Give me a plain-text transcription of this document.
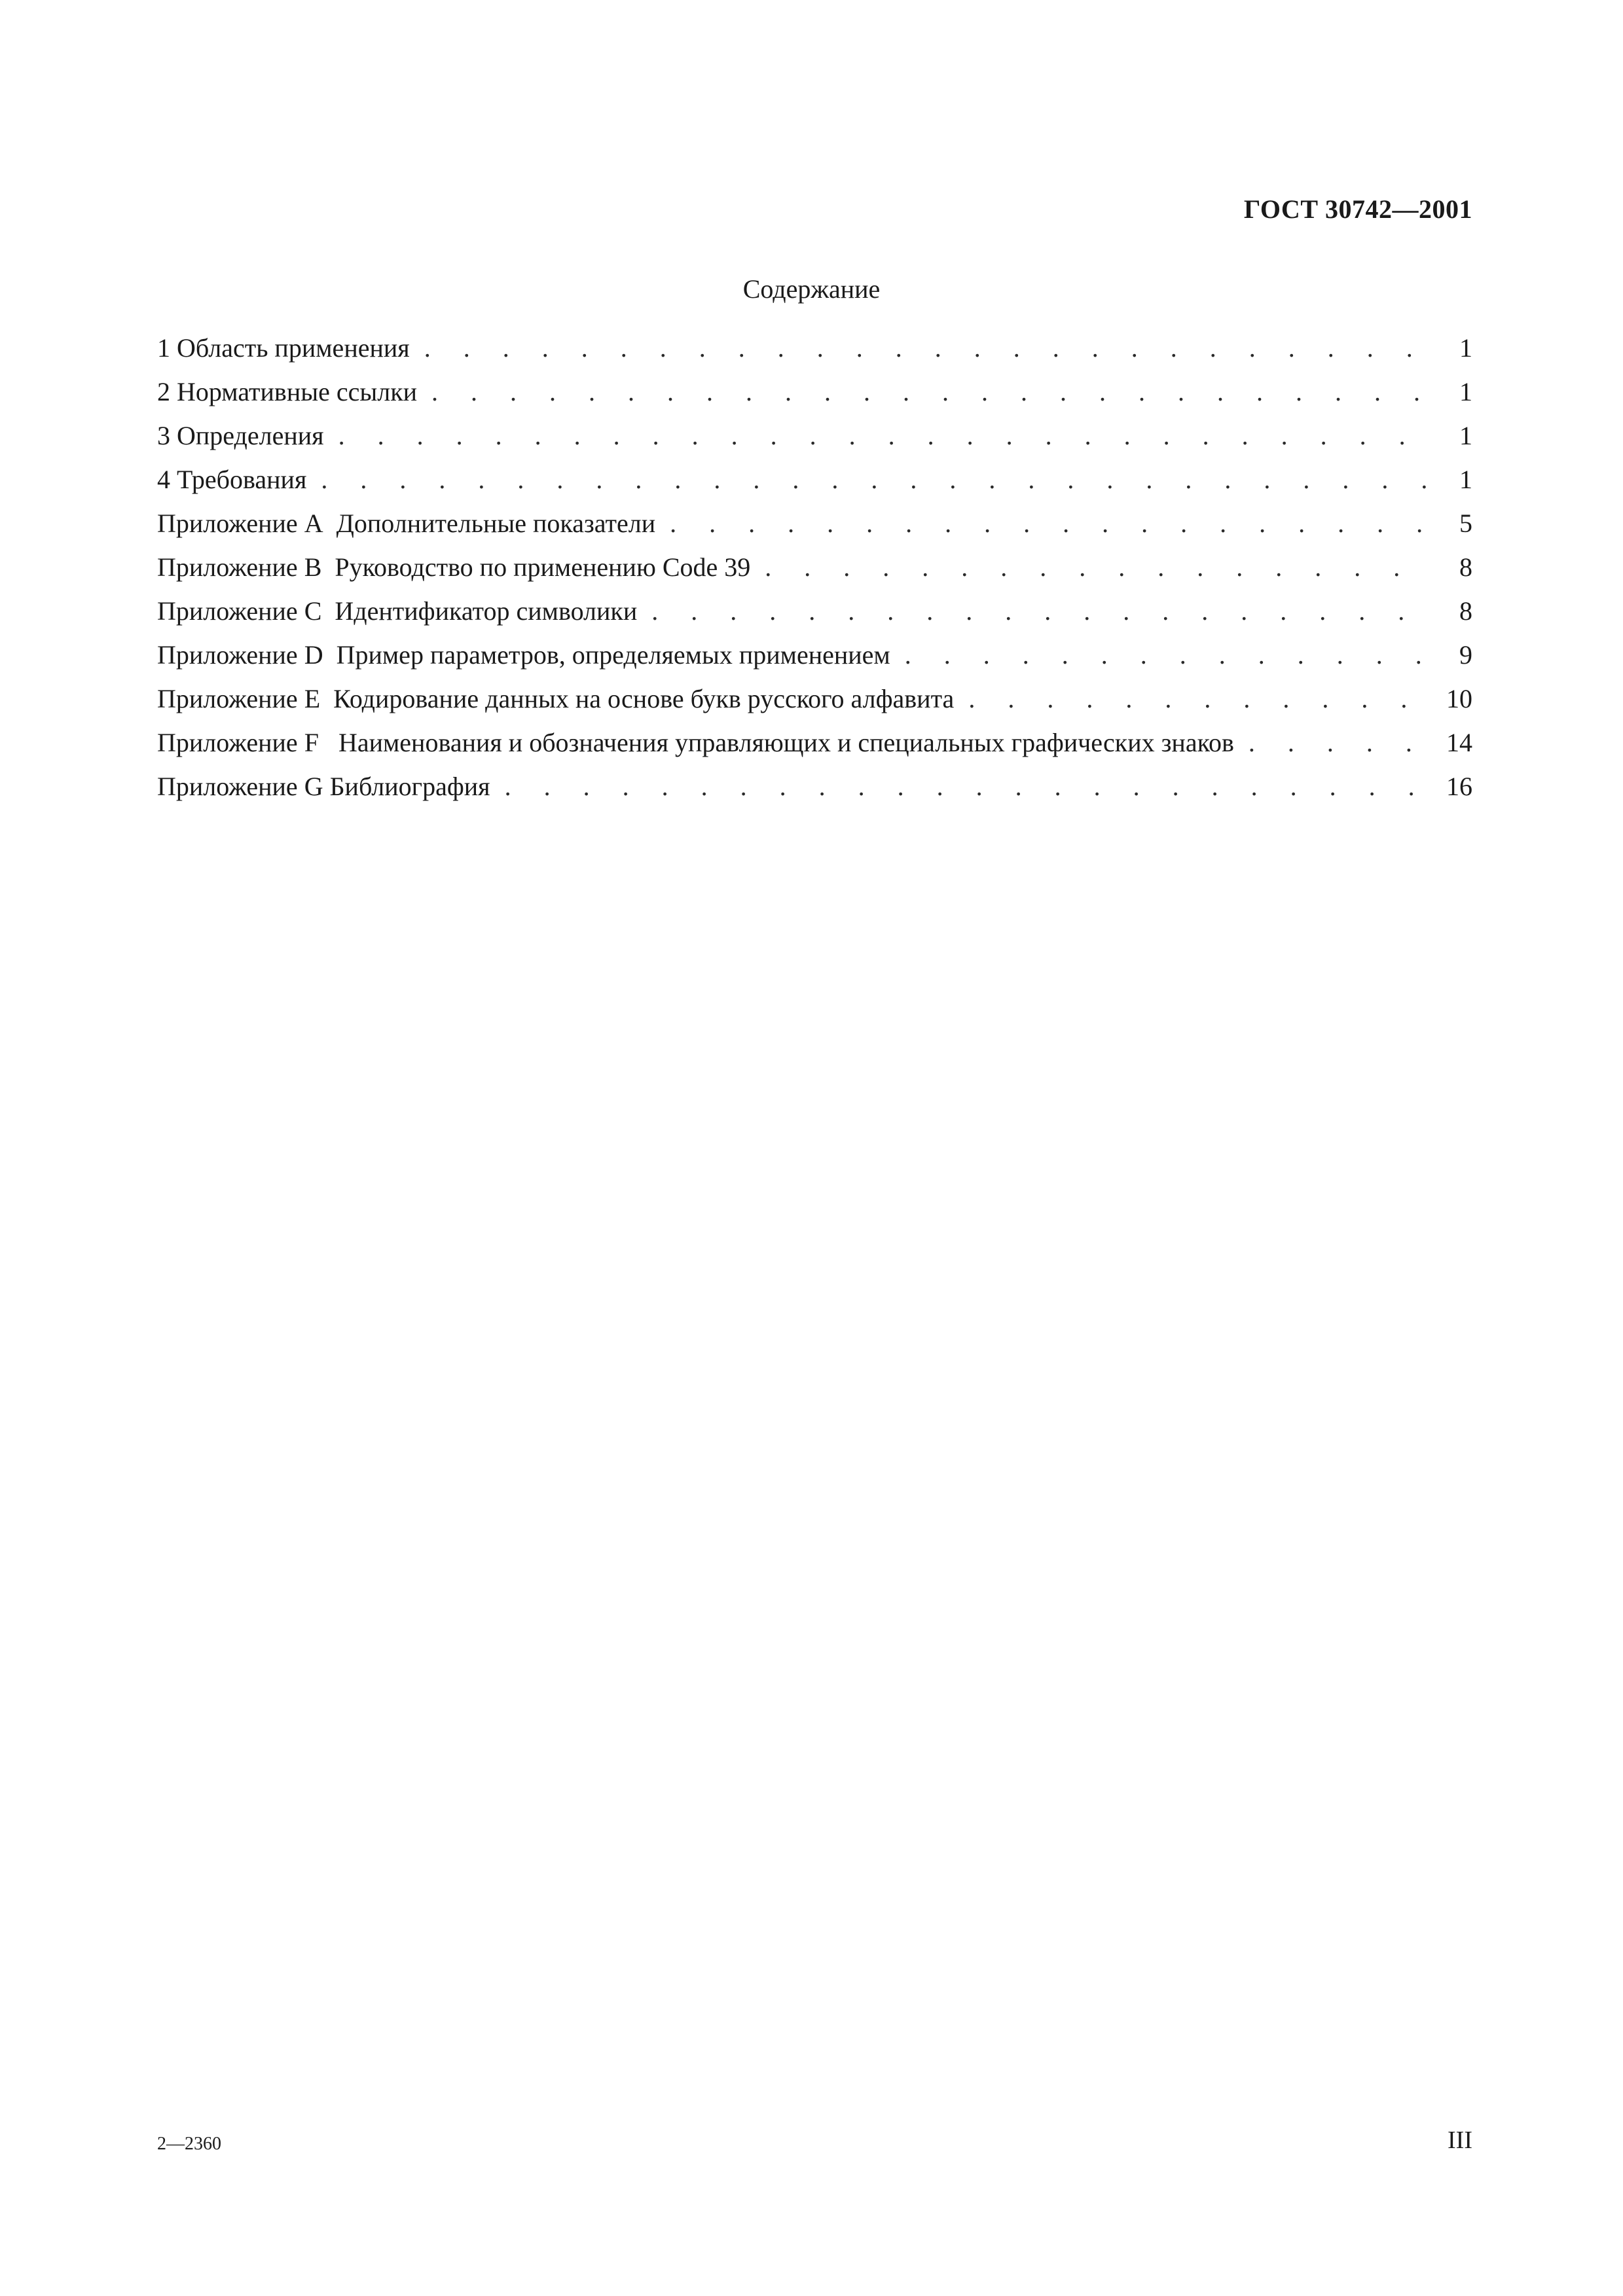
ГОСТ 30742—2001
Содержание
1 Область применения . . .	1
2 Нормативные ссылки . . .	1
3 Определения . . .	1
4 Требования . . .	1
Приложение А Дополнительные показатели . . .	5
Приложение В Руководство по применению Code 39 . . .	8
Приложение С Идентификатор символики . . .	8
Приложение D Пример параметров, определяемых применением . . .	9
Приложение Е Кодирование данных на основе букв русского алфавита . . .	10
Приложение F Наименования и обозначения управляющих и специальных графических знаков . . .	14
Приложение G Библиография . . .	16
2—2360	III
